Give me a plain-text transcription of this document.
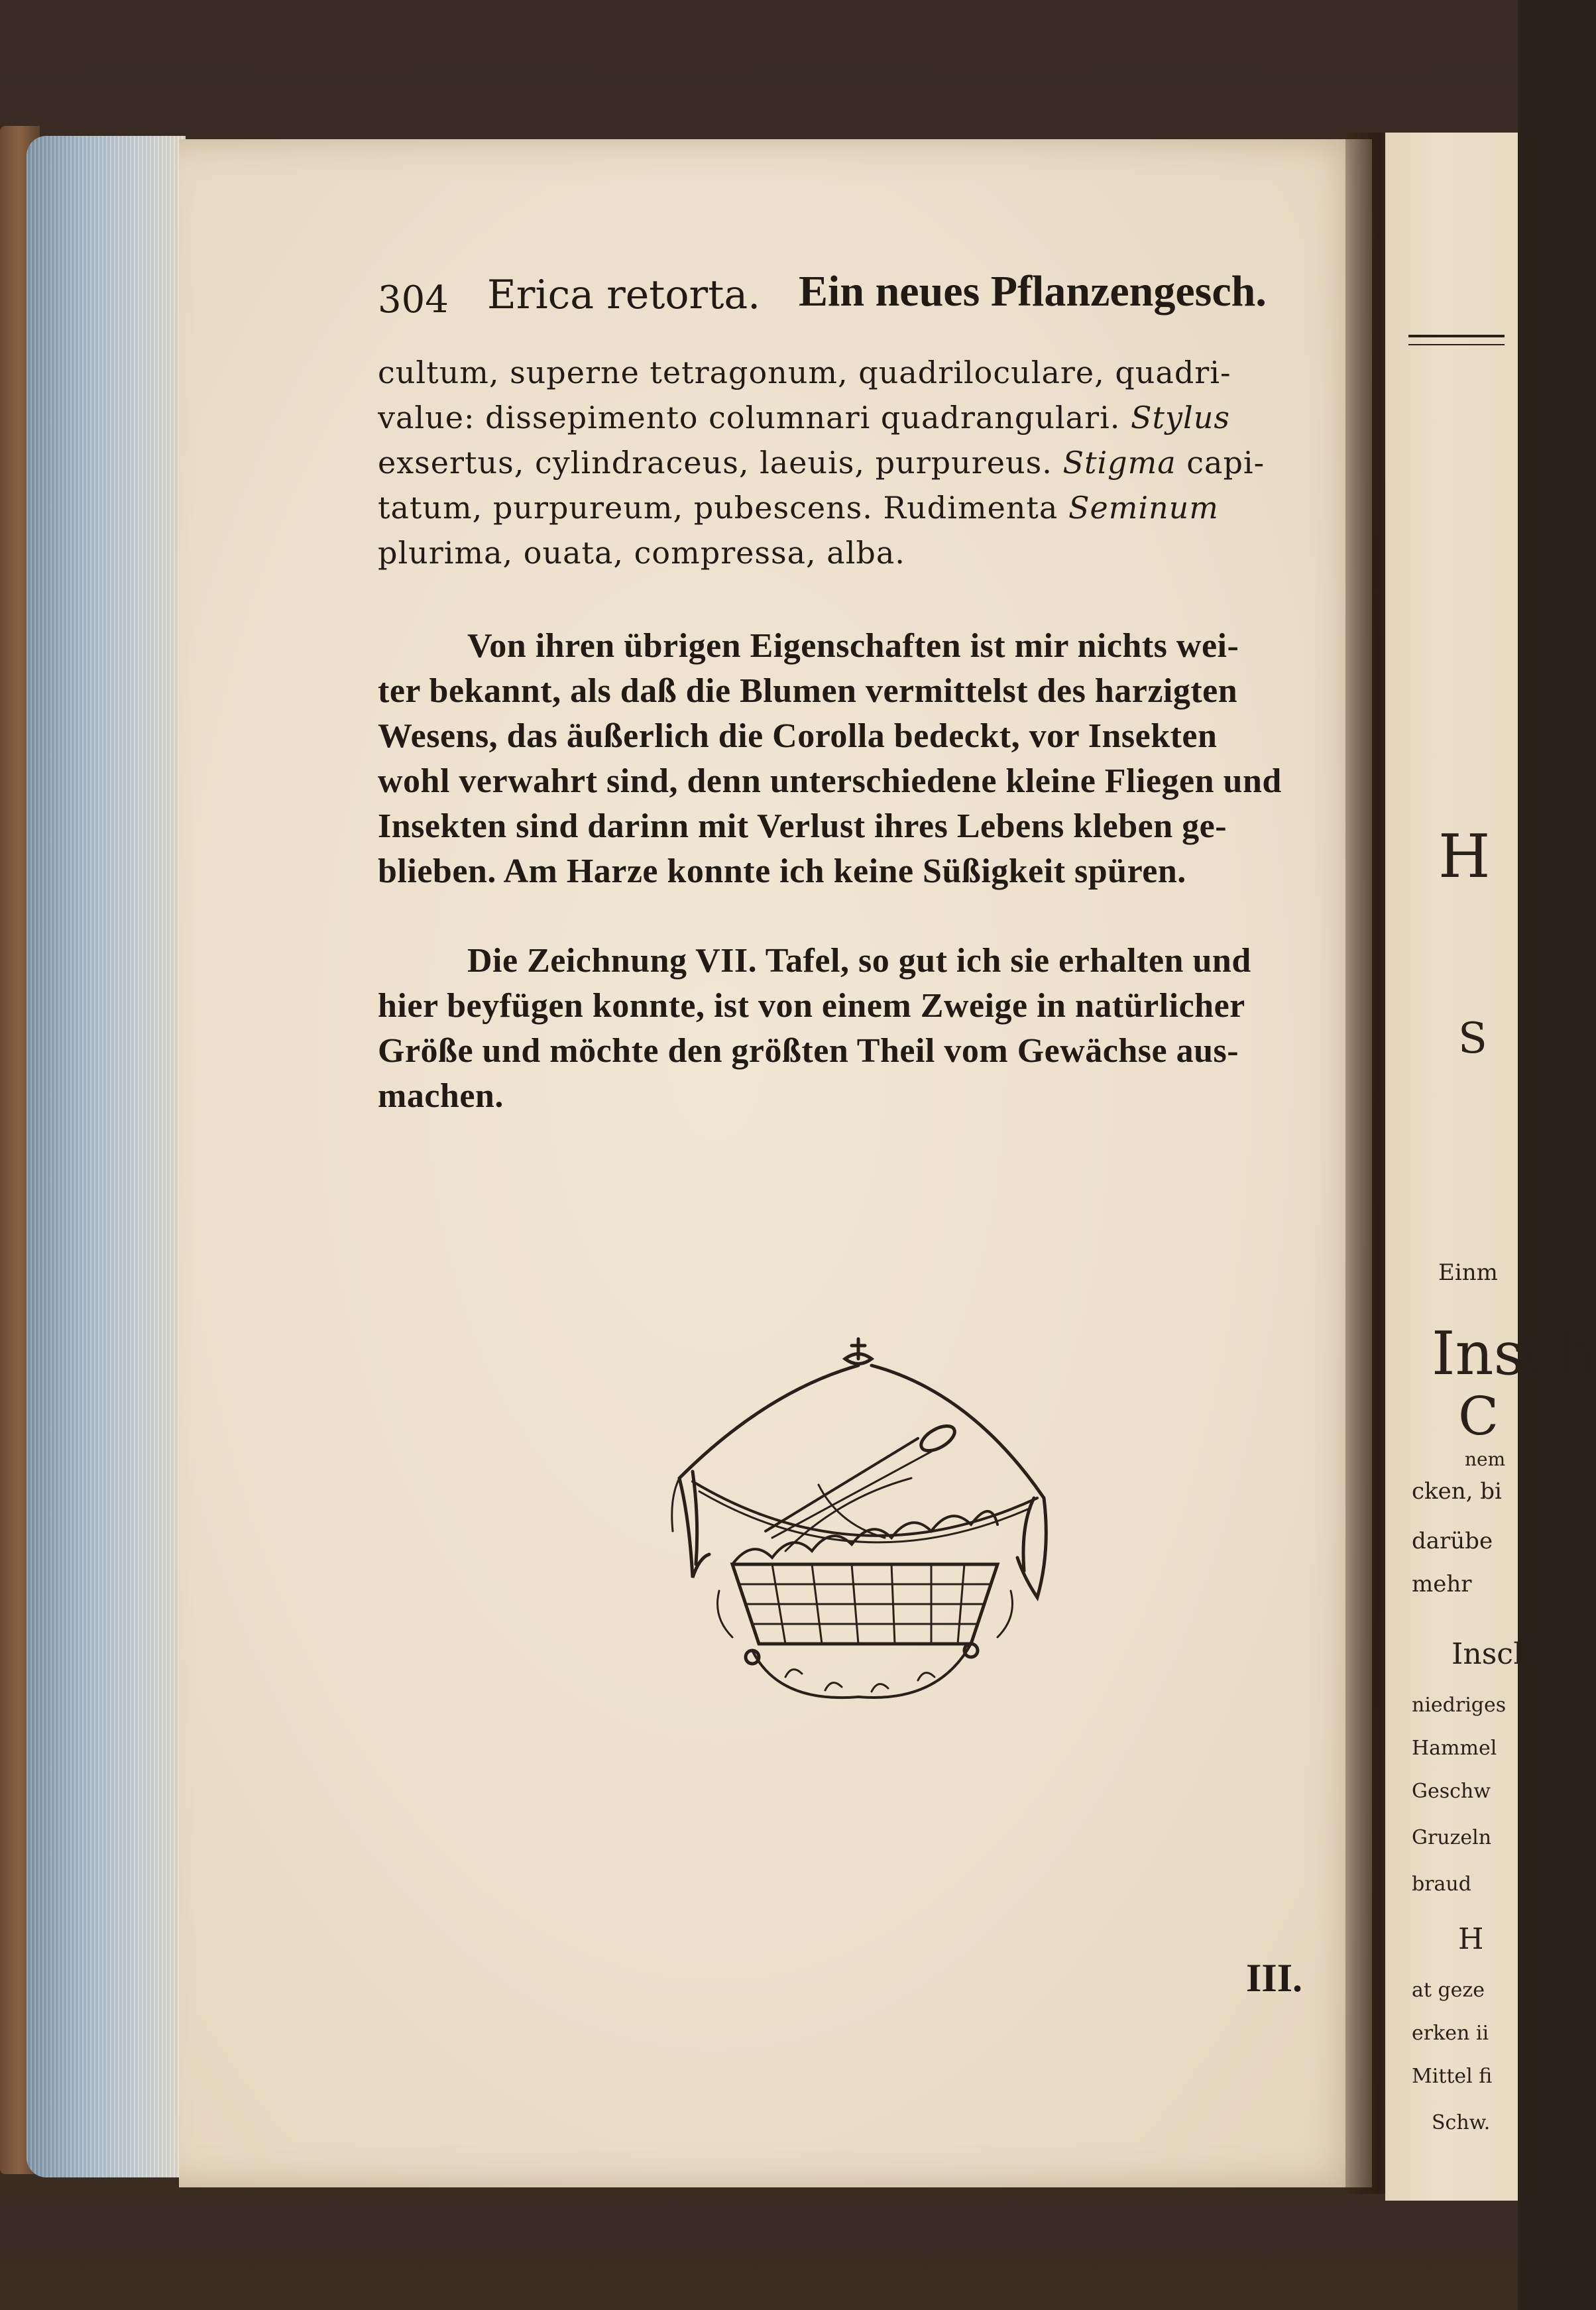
304 Erica retorta. Ein neues Pflanzengesch.
cultum, superne tetragonum, quadriloculare, quadri-
value: dissepimento columnari quadrangulari. Stylus
exsertus, cylindraceus, laeuis, purpureus. Stigma capi-
tatum, purpureum, pubescens. Rudimenta Seminum
plurima, ouata, compressa, alba.
Von ihren übrigen Eigenschaften ist mir nichts wei-
ter bekannt, als daß die Blumen vermittelst des harzigten
Wesens, das äußerlich die Corolla bedeckt, vor Insekten
wohl verwahrt sind, denn unterschiedene kleine Fliegen und
Insekten sind darinn mit Verlust ihres Lebens kleben ge-
blieben. Am Harze konnte ich keine Süßigkeit spüren.
Die Zeichnung VII. Tafel, so gut ich sie erhalten und
hier beyfügen konnte, ist von einem Zweige in natürlicher
Größe und möchte den größten Theil vom Gewächse aus-
machen.
III.
H
S
Einm
Insch
C
nem
cken, bi
darübe
mehr
Insch
niedriges
Hammel
Geschw
Gruzeln
braud
H
at geze
erken ii
Mittel fi
Schw.
